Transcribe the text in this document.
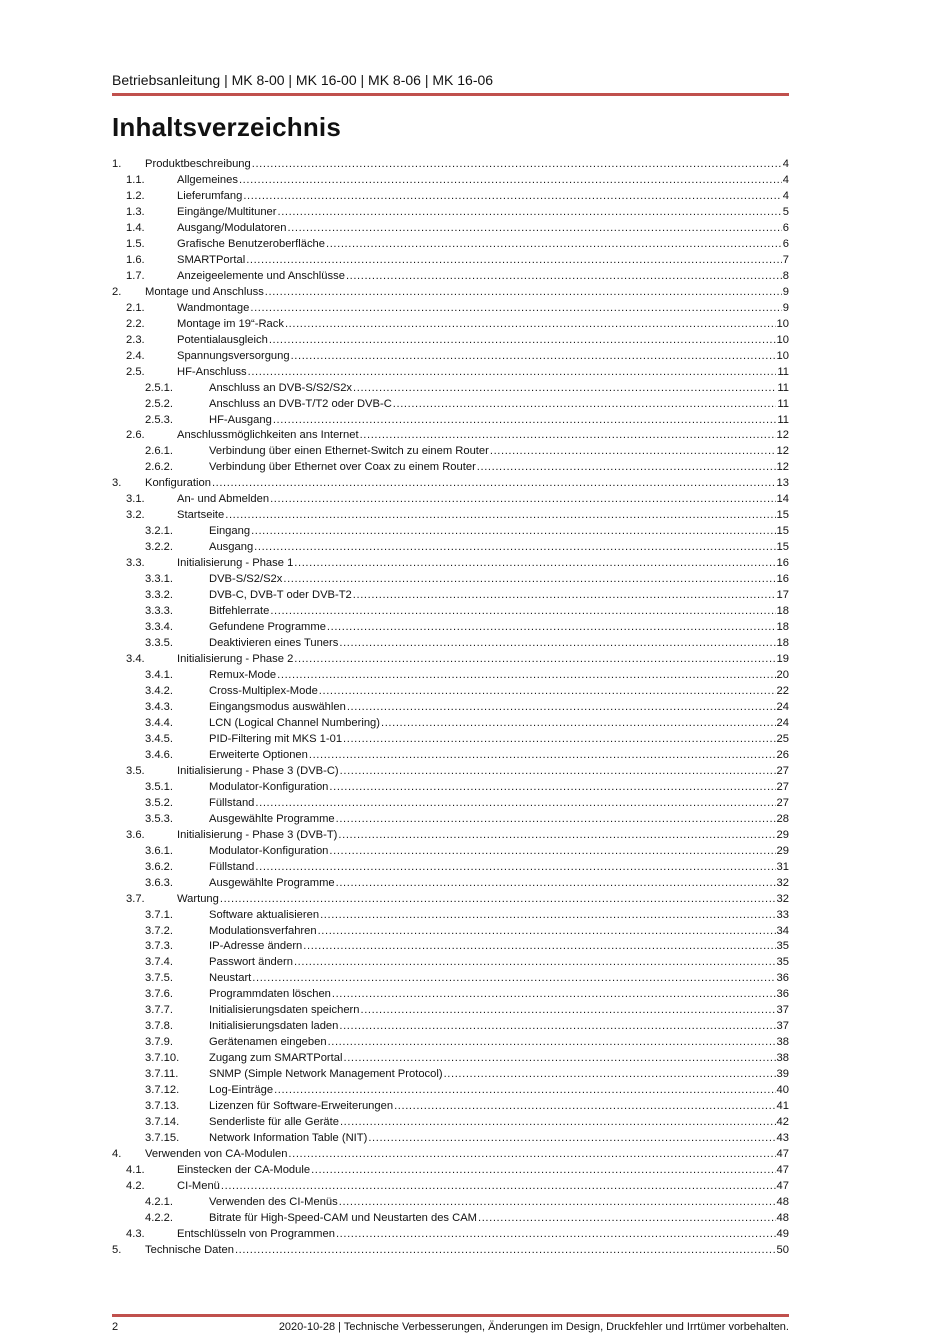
Betriebsanleitung | MK 8-00 | MK 16-00 | MK 8-06 | MK 16-06
Inhaltsverzeichnis
1.	Produktbeschreibung .....	4
1.1.	Allgemeines .....	4
1.2.	Lieferumfang .....	4
1.3.	Eingänge/Multituner .....	5
1.4.	Ausgang/Modulatoren .....	6
1.5.	Grafische Benutzeroberfläche .....	6
1.6.	SMARTPortal .....	7
1.7.	Anzeigeelemente und Anschlüsse .....	8
2.	Montage und Anschluss .....	9
2.1.	Wandmontage .....	9
2.2.	Montage im 19“-Rack .....	10
2.3.	Potentialausgleich .....	10
2.4.	Spannungsversorgung .....	10
2.5.	HF-Anschluss .....	11
2.5.1.	Anschluss an DVB-S/S2/S2x .....	11
2.5.2.	Anschluss an DVB-T/T2 oder DVB-C .....	11
2.5.3.	HF-Ausgang .....	11
2.6.	Anschlussmöglichkeiten ans Internet .....	12
2.6.1.	Verbindung über einen Ethernet-Switch zu einem Router .....	12
2.6.2.	Verbindung über Ethernet over Coax zu einem Router .....	12
3.	Konfiguration .....	13
3.1.	An- und Abmelden .....	14
3.2.	Startseite .....	15
3.2.1.	Eingang .....	15
3.2.2.	Ausgang .....	15
3.3.	Initialisierung - Phase 1 .....	16
3.3.1.	DVB-S/S2/S2x .....	16
3.3.2.	DVB-C, DVB-T oder DVB-T2 .....	17
3.3.3.	Bitfehlerrate .....	18
3.3.4.	Gefundene Programme .....	18
3.3.5.	Deaktivieren eines Tuners .....	18
3.4.	Initialisierung - Phase 2 .....	19
3.4.1.	Remux-Mode .....	20
3.4.2.	Cross-Multiplex-Mode .....	22
3.4.3.	Eingangsmodus auswählen .....	24
3.4.4.	LCN (Logical Channel Numbering) .....	24
3.4.5.	PID-Filtering mit MKS 1-01 .....	25
3.4.6.	Erweiterte Optionen .....	26
3.5.	Initialisierung - Phase 3 (DVB-C) .....	27
3.5.1.	Modulator-Konfiguration .....	27
3.5.2.	Füllstand .....	27
3.5.3.	Ausgewählte Programme .....	28
3.6.	Initialisierung - Phase 3 (DVB-T) .....	29
3.6.1.	Modulator-Konfiguration .....	29
3.6.2.	Füllstand .....	31
3.6.3.	Ausgewählte Programme .....	32
3.7.	Wartung .....	32
3.7.1.	Software aktualisieren .....	33
3.7.2.	Modulationsverfahren .....	34
3.7.3.	IP-Adresse ändern .....	35
3.7.4.	Passwort ändern .....	35
3.7.5.	Neustart .....	36
3.7.6.	Programmdaten löschen .....	36
3.7.7.	Initialisierungsdaten speichern .....	37
3.7.8.	Initialisierungsdaten laden .....	37
3.7.9.	Gerätenamen eingeben .....	38
3.7.10.	Zugang zum SMARTPortal .....	38
3.7.11.	SNMP (Simple Network Management Protocol) .....	39
3.7.12.	Log-Einträge .....	40
3.7.13.	Lizenzen für Software-Erweiterungen .....	41
3.7.14.	Senderliste für alle Geräte .....	42
3.7.15.	Network Information Table (NIT) .....	43
4.	Verwenden von CA-Modulen .....	47
4.1.	Einstecken der CA-Module .....	47
4.2.	CI-Menü .....	47
4.2.1.	Verwenden des CI-Menüs .....	48
4.2.2.	Bitrate für High-Speed-CAM und Neustarten des CAM .....	48
4.3.	Entschlüsseln von Programmen .....	49
5.	Technische Daten .....	50
2	2020-10-28 | Technische Verbesserungen, Änderungen im Design, Druckfehler und Irrtümer vorbehalten.
